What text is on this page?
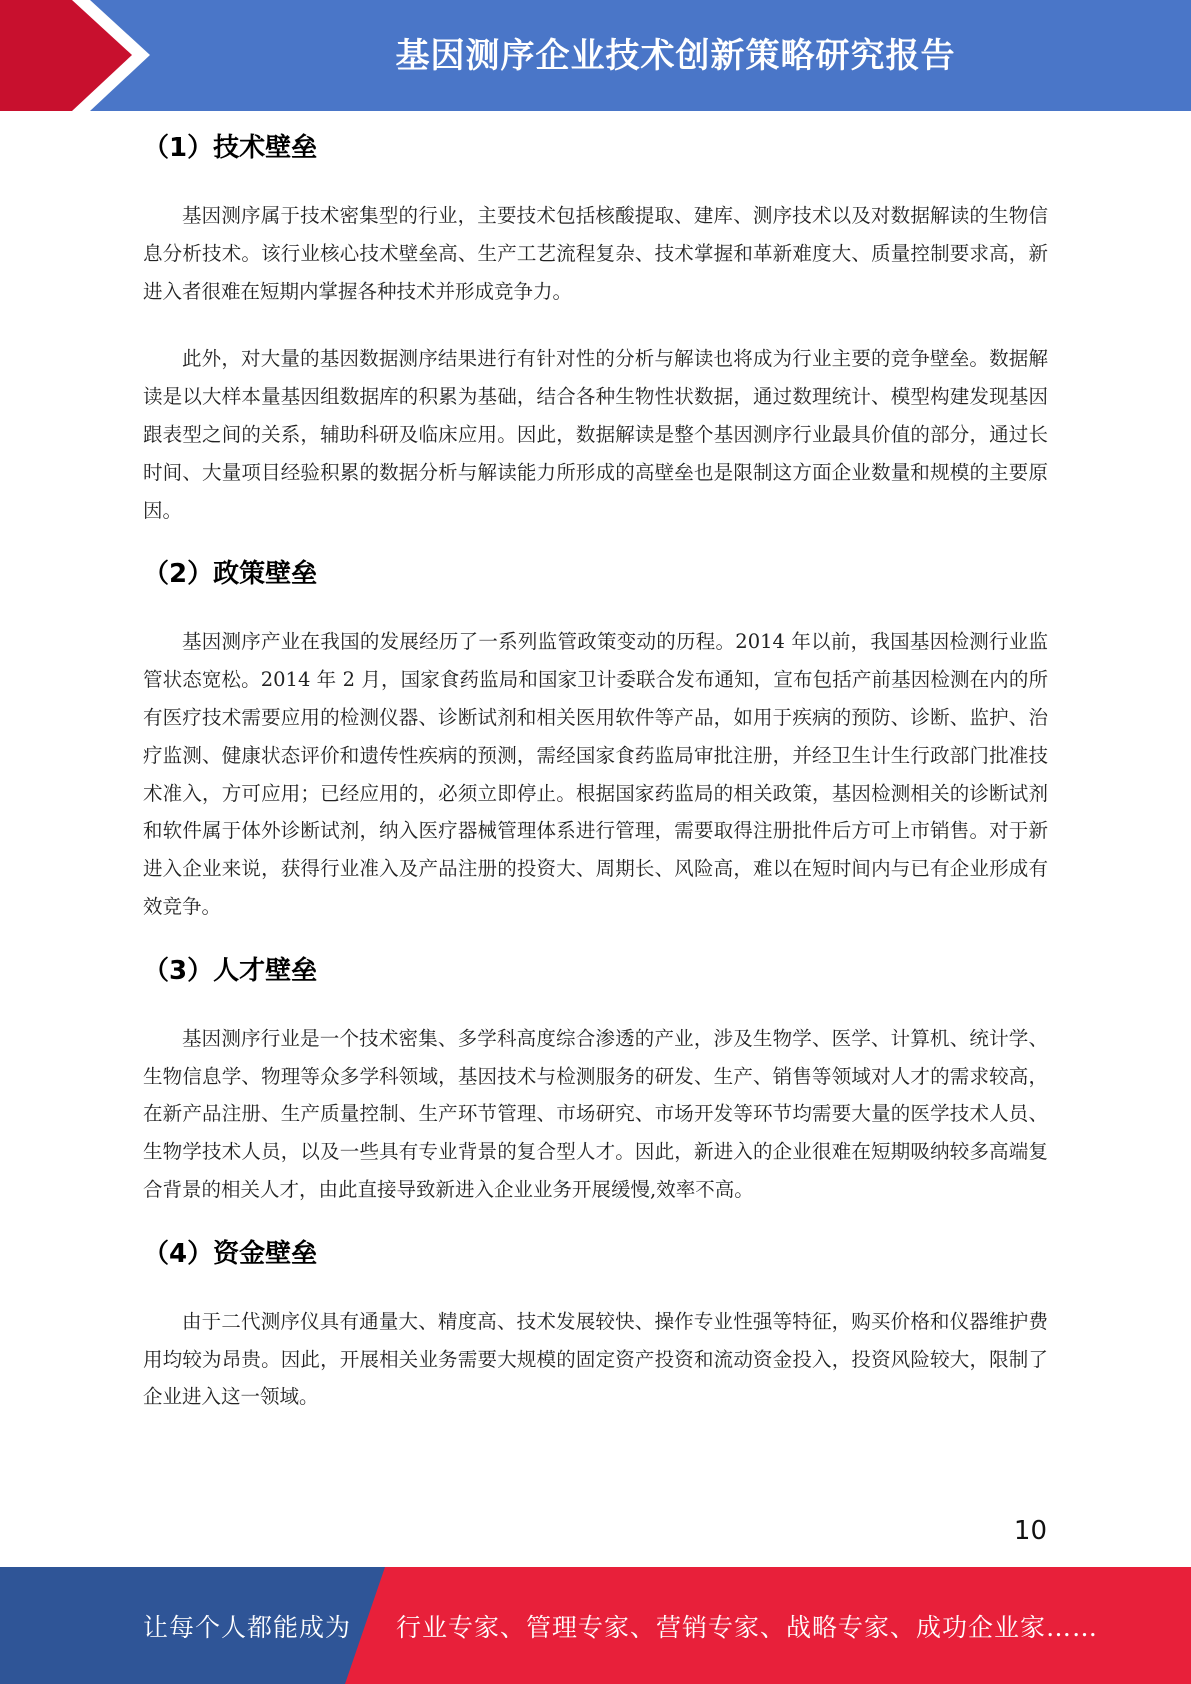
基因测序企业技术创新策略研究报告
（1）技术壁垒

基因测序属于技术密集型的行业，主要技术包括核酸提取、建库、测序技术以及对数据解读的生物信息分析技术。该行业核心技术壁垒高、生产工艺流程复杂、技术掌握和革新难度大、质量控制要求高，新进入者很难在短期内掌握各种技术并形成竞争力。

此外，对大量的基因数据测序结果进行有针对性的分析与解读也将成为行业主要的竞争壁垒。数据解读是以大样本量基因组数据库的积累为基础，结合各种生物性状数据，通过数理统计、模型构建发现基因跟表型之间的关系，辅助科研及临床应用。因此，数据解读是整个基因测序行业最具价值的部分，通过长时间、大量项目经验积累的数据分析与解读能力所形成的高壁垒也是限制这方面企业数量和规模的主要原因。

（2）政策壁垒

基因测序产业在我国的发展经历了一系列监管政策变动的历程。2014 年以前，我国基因检测行业监管状态宽松。2014 年 2 月，国家食药监局和国家卫计委联合发布通知，宣布包括产前基因检测在内的所有医疗技术需要应用的检测仪器、诊断试剂和相关医用软件等产品，如用于疾病的预防、诊断、监护、治疗监测、健康状态评价和遗传性疾病的预测，需经国家食药监局审批注册，并经卫生计生行政部门批准技术准入，方可应用；已经应用的，必须立即停止。根据国家药监局的相关政策，基因检测相关的诊断试剂和软件属于体外诊断试剂，纳入医疗器械管理体系进行管理，需要取得注册批件后方可上市销售。对于新进入企业来说，获得行业准入及产品注册的投资大、周期长、风险高，难以在短时间内与已有企业形成有效竞争。

（3）人才壁垒

基因测序行业是一个技术密集、多学科高度综合渗透的产业，涉及生物学、医学、计算机、统计学、生物信息学、物理等众多学科领域，基因技术与检测服务的研发、生产、销售等领域对人才的需求较高，在新产品注册、生产质量控制、生产环节管理、市场研究、市场开发等环节均需要大量的医学技术人员、生物学技术人员，以及一些具有专业背景的复合型人才。因此，新进入的企业很难在短期吸纳较多高端复合背景的相关人才，由此直接导致新进入企业业务开展缓慢,效率不高。

（4）资金壁垒

由于二代测序仪具有通量大、精度高、技术发展较快、操作专业性强等特征，购买价格和仪器维护费用均较为昂贵。因此，开展相关业务需要大规模的固定资产投资和流动资金投入，投资风险较大，限制了企业进入这一领域。

10
让每个人都能成为 行业专家、管理专家、营销专家、战略专家、成功企业家……
